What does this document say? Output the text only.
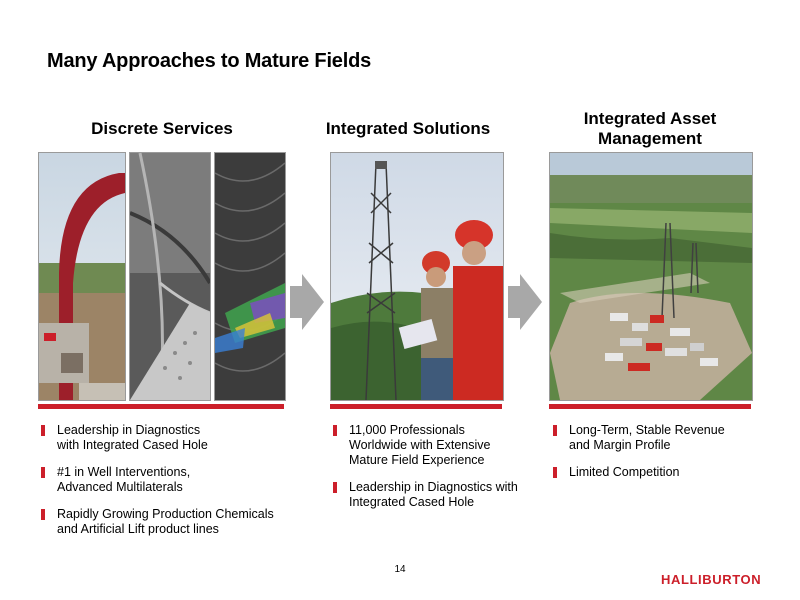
Many Approaches to Mature Fields
Discrete Services	Integrated Solutions
Integrated Asset
Management
Leadership in Diagnostics
with Integrated Cased Hole
#1 in Well Interventions,
Advanced Multilaterals
Rapidly Growing Production Chemicals
and Artificial Lift product lines
11,000 Professionals
Worldwide with Extensive
Mature Field Experience
Leadership in Diagnostics with
Integrated Cased Hole
Long-Term, Stable Revenue
and Margin Profile
Limited Competition
14
HALLIBURTON
